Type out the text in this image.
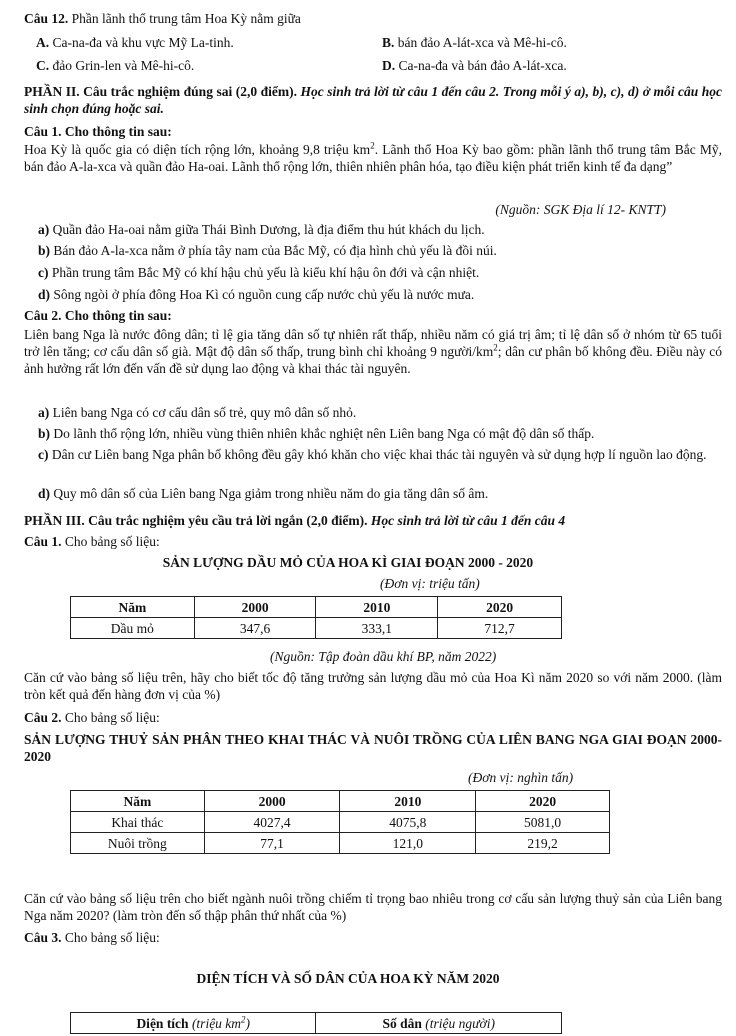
Câu 12. Phần lãnh thổ trung tâm Hoa Kỳ nằm giữa
A. Ca-na-đa và khu vực Mỹ La-tinh.	B. bán đảo A-lát-xca và Mê-hi-cô.
C. đảo Grin-len và Mê-hi-cô.	D. Ca-na-đa và bán đảo A-lát-xca.
PHẦN II. Câu trắc nghiệm đúng sai (2,0 điểm). Học sinh trả lời từ câu 1 đến câu 2. Trong mỗi ý a), b), c), d) ở mỗi câu học sinh chọn đúng hoặc sai.
Câu 1. Cho thông tin sau:
Hoa Kỳ là quốc gia có diện tích rộng lớn, khoảng 9,8 triệu $km^2$. Lãnh thổ Hoa Kỳ bao gồm: phần lãnh thổ trung tâm Bắc Mỹ, bán đảo A-la-xca và quần đảo Ha-oai. Lãnh thổ rộng lớn, thiên nhiên phân hóa, tạo điều kiện phát triển kinh tế đa dạng”
(Nguồn: SGK Địa lí 12- KNTT)
a) Quần đảo Ha-oai nằm giữa Thái Bình Dương, là địa điểm thu hút khách du lịch.
b) Bán đảo A-la-xca nằm ở phía tây nam của Bắc Mỹ, có địa hình chủ yếu là đồi núi.
c) Phần trung tâm Bắc Mỹ có khí hậu chủ yếu là kiểu khí hậu ôn đới và cận nhiệt.
d) Sông ngòi ở phía đông Hoa Kì có nguồn cung cấp nước chủ yếu là nước mưa.
Câu 2. Cho thông tin sau:
Liên bang Nga là nước đông dân; tỉ lệ gia tăng dân số tự nhiên rất thấp, nhiều năm có giá trị âm; tỉ lệ dân số ở nhóm từ 65 tuổi trở lên tăng; cơ cấu dân số già. Mật độ dân số thấp, trung bình chỉ khoảng 9 người/$km^2$; dân cư phân bố không đều. Điều này có ảnh hưởng rất lớn đến vấn đề sử dụng lao động và khai thác tài nguyên.
a) Liên bang Nga có cơ cấu dân số trẻ, quy mô dân số nhỏ.
b) Do lãnh thổ rộng lớn, nhiều vùng thiên nhiên khắc nghiệt nên Liên bang Nga có mật độ dân số thấp.
c) Dân cư Liên bang Nga phân bố không đều gây khó khăn cho việc khai thác tài nguyên và sử dụng hợp lí nguồn lao động.
d) Quy mô dân số của Liên bang Nga giảm trong nhiều năm do gia tăng dân số âm.
PHẦN III. Câu trắc nghiệm yêu cầu trả lời ngắn (2,0 điểm). Học sinh trả lời từ câu 1 đến câu 4
Câu 1. Cho bảng số liệu:
SẢN LƯỢNG DẦU MỎ CỦA HOA KÌ GIAI ĐOẠN 2000 - 2020
(Đơn vị: triệu tấn)
Năm	2000	2010	2020
Dầu mỏ	347,6	333,1	712,7
(Nguồn: Tập đoàn dầu khí BP, năm 2022)
Căn cứ vào bảng số liệu trên, hãy cho biết tốc độ tăng trưởng sản lượng dầu mỏ của Hoa Kì năm 2020 so với năm 2000. (làm tròn kết quả đến hàng đơn vị của %)
Câu 2. Cho bảng số liệu:
SẢN LƯỢNG THUỶ SẢN PHÂN THEO KHAI THÁC VÀ NUÔI TRỒNG CỦA LIÊN BANG NGA GIAI ĐOẠN 2000-2020
(Đơn vị: nghìn tấn)
Năm	2000	2010	2020
Khai thác	4027,4	4075,8	5081,0
Nuôi trồng	77,1	121,0	219,2
Căn cứ vào bảng số liệu trên cho biết ngành nuôi trồng chiếm tỉ trọng bao nhiêu trong cơ cấu sản lượng thuỷ sản của Liên bang Nga năm 2020? (làm tròn đến số thập phân thứ nhất của %)
Câu 3. Cho bảng số liệu:
DIỆN TÍCH VÀ SỐ DÂN CỦA HOA KỲ NĂM 2020
Diện tích (triệu $km^2$)	Số dân (triệu người)
